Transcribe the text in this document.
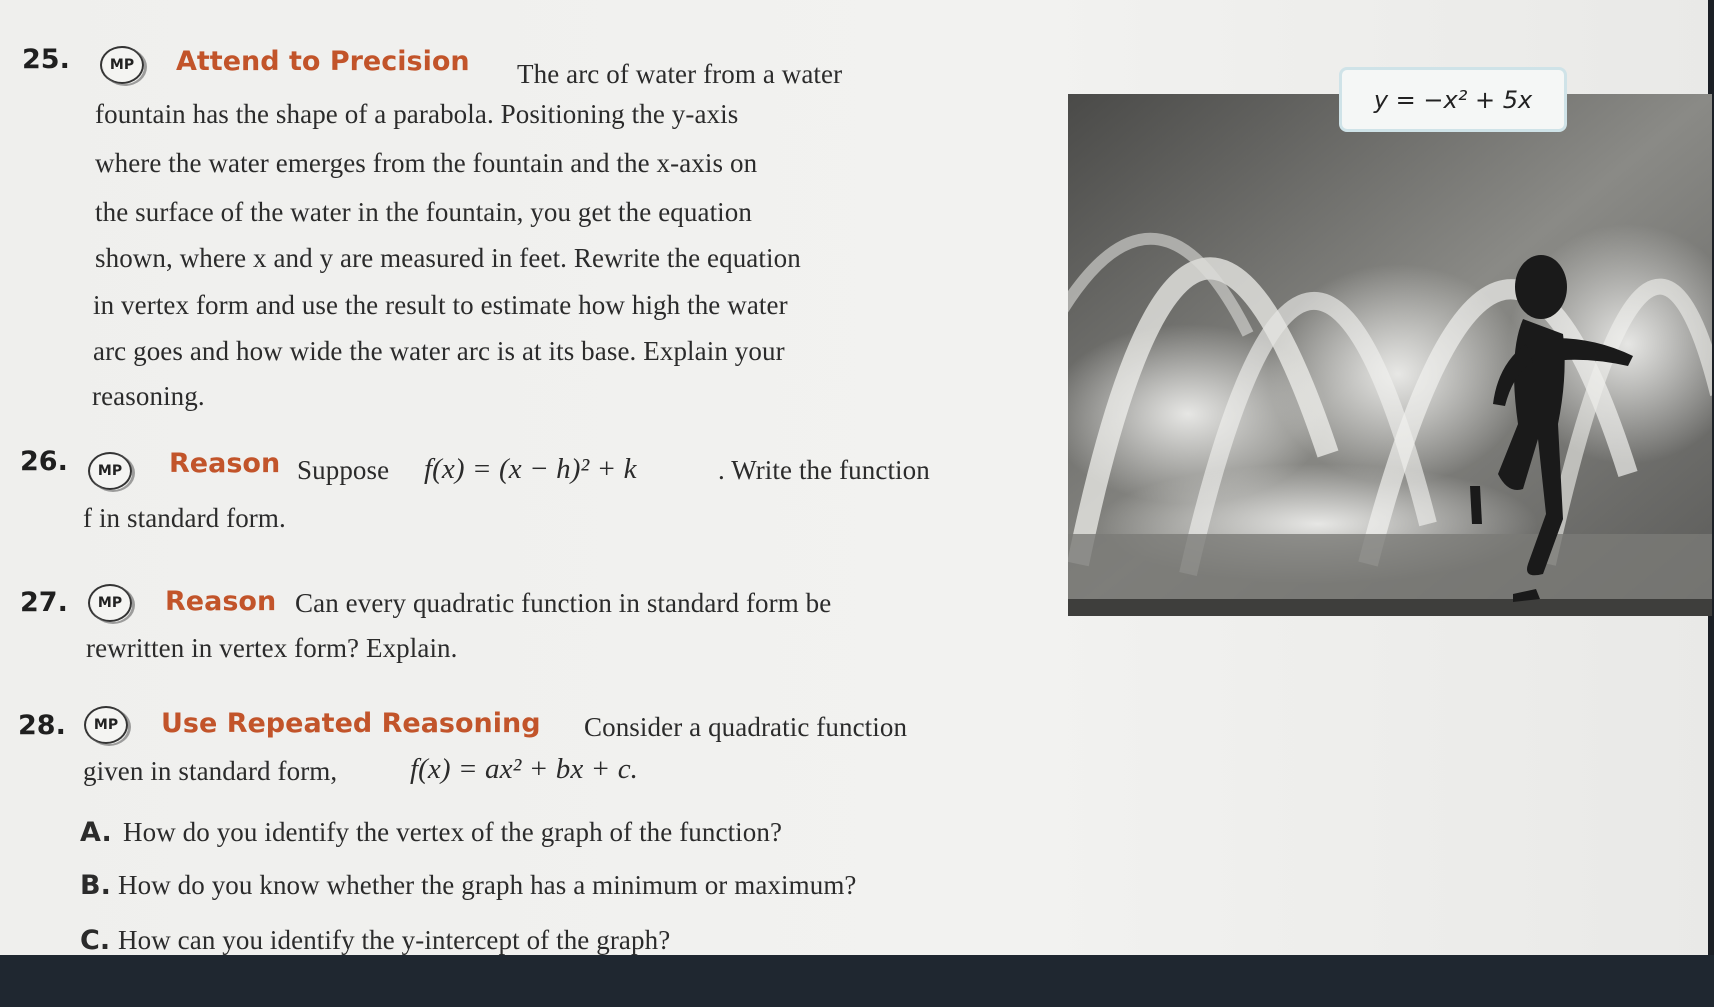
25.	MP	Attend to Precision The arc of water from a water
fountain has the shape of a parabola. Positioning the y-axis
where the water emerges from the fountain and the x-axis on
the surface of the water in the fountain, you get the equation
shown, where x and y are measured in feet. Rewrite the equation
in vertex form and use the result to estimate how high the water
arc goes and how wide the water arc is at its base. Explain your
reasoning.
26.	MP	Reason Suppose f(x) = (x − h)² + k	. Write the function
f in standard form.
27.	MP	Reason Can every quadratic function in standard form be
rewritten in vertex form? Explain.
28.	MP	Use Repeated Reasoning Consider a quadratic function
given in standard form,	f(x) = ax² + bx + c.
A. How do you identify the vertex of the graph of the function?
B. How do you know whether the graph has a minimum or maximum?
C. How can you identify the y-intercept of the graph?
y = −x² + 5x
